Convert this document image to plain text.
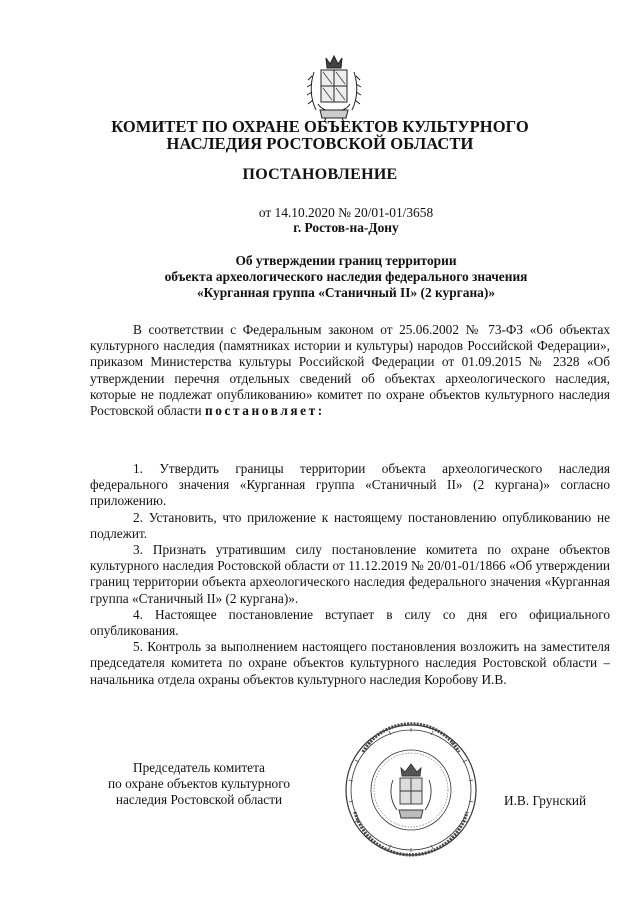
КОМИТЕТ ПО ОХРАНЕ ОБЪЕКТОВ КУЛЬТУРНОГО
НАСЛЕДИЯ РОСТОВСКОЙ ОБЛАСТИ
ПОСТАНОВЛЕНИЕ
от 14.10.2020 № 20/01-01/3658
г. Ростов-на-Дону
Об утверждении границ территории
объекта археологического наследия федерального значения
«Курганная группа «Станичный II» (2 кургана)»

В соответствии с Федеральным законом от 25.06.2002 № 73-ФЗ «Об объектах культурного наследия (памятниках истории и культуры) народов Российской Федерации», приказом Министерства культуры Российской Федерации от 01.09.2015 № 2328 «Об утверждении перечня отдельных сведений об объектах археологического наследия, которые не подлежат опубликованию» комитет по охране объектов культурного наследия Ростовской области постановляет:

1. Утвердить границы территории объекта археологического наследия федерального значения «Курганная группа «Станичный II» (2 кургана)» согласно приложению.

2. Установить, что приложение к настоящему постановлению опубликованию не подлежит.

3. Признать утратившим силу постановление комитета по охране объектов культурного наследия Ростовской области от 11.12.2019 № 20/01-01/1866 «Об утверждении границ территории объекта археологического наследия федерального значения «Курганная группа «Станичный II» (2 кургана)».

4. Настоящее постановление вступает в силу со дня его официального опубликования.

5. Контроль за выполнением настоящего постановления возложить на заместителя председателя комитета по охране объектов культурного наследия Ростовской области – начальника отдела охраны объектов культурного наследия Коробову И.В.

Председатель комитета
по охране объектов культурного
наследия Ростовской области	И.В. Грунский
